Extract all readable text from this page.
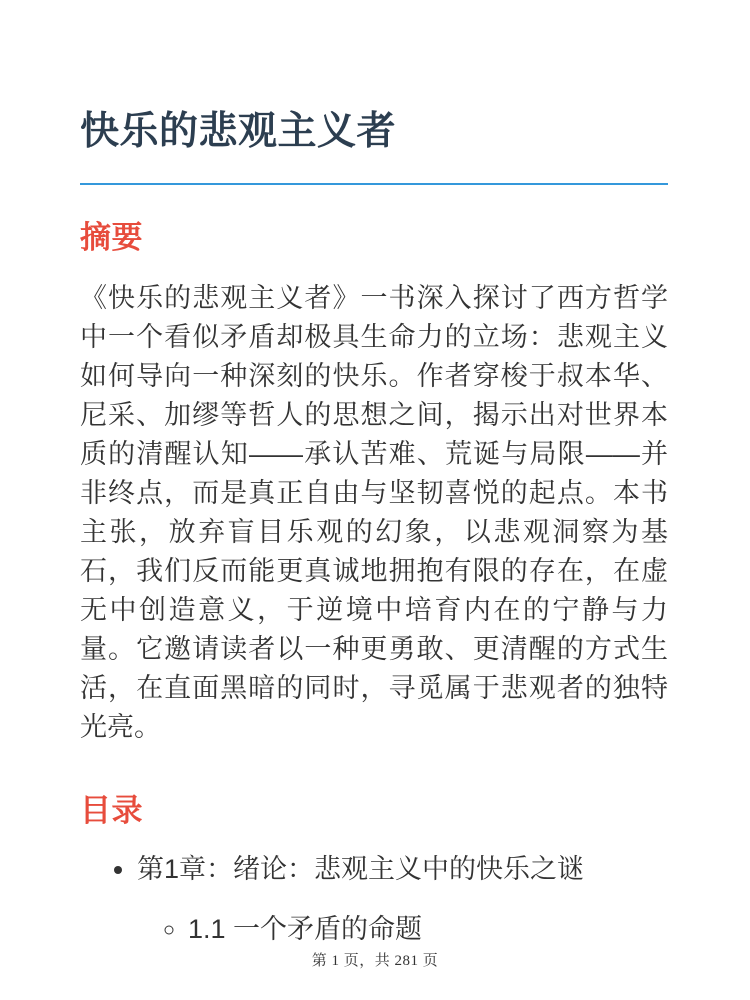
快乐的悲观主义者
摘要

《快乐的悲观主义者》一书深入探讨了西方哲学中一个看似矛盾却极具生命力的立场：悲观主义如何导向一种深刻的快乐。作者穿梭于叔本华、尼采、加缪等哲人的思想之间，揭示出对世界本质的清醒认知——承认苦难、荒诞与局限——并非终点，而是真正自由与坚韧喜悦的起点。本书主张，放弃盲目乐观的幻象，以悲观洞察为基石，我们反而能更真诚地拥抱有限的存在，在虚无中创造意义，于逆境中培育内在的宁静与力量。它邀请读者以一种更勇敢、更清醒的方式生活，在直面黑暗的同时，寻觅属于悲观者的独特光亮。

目录
• 第1章：绪论：悲观主义中的快乐之谜
◦ 1.1 一个矛盾的命题
第 1 页，共 281 页
